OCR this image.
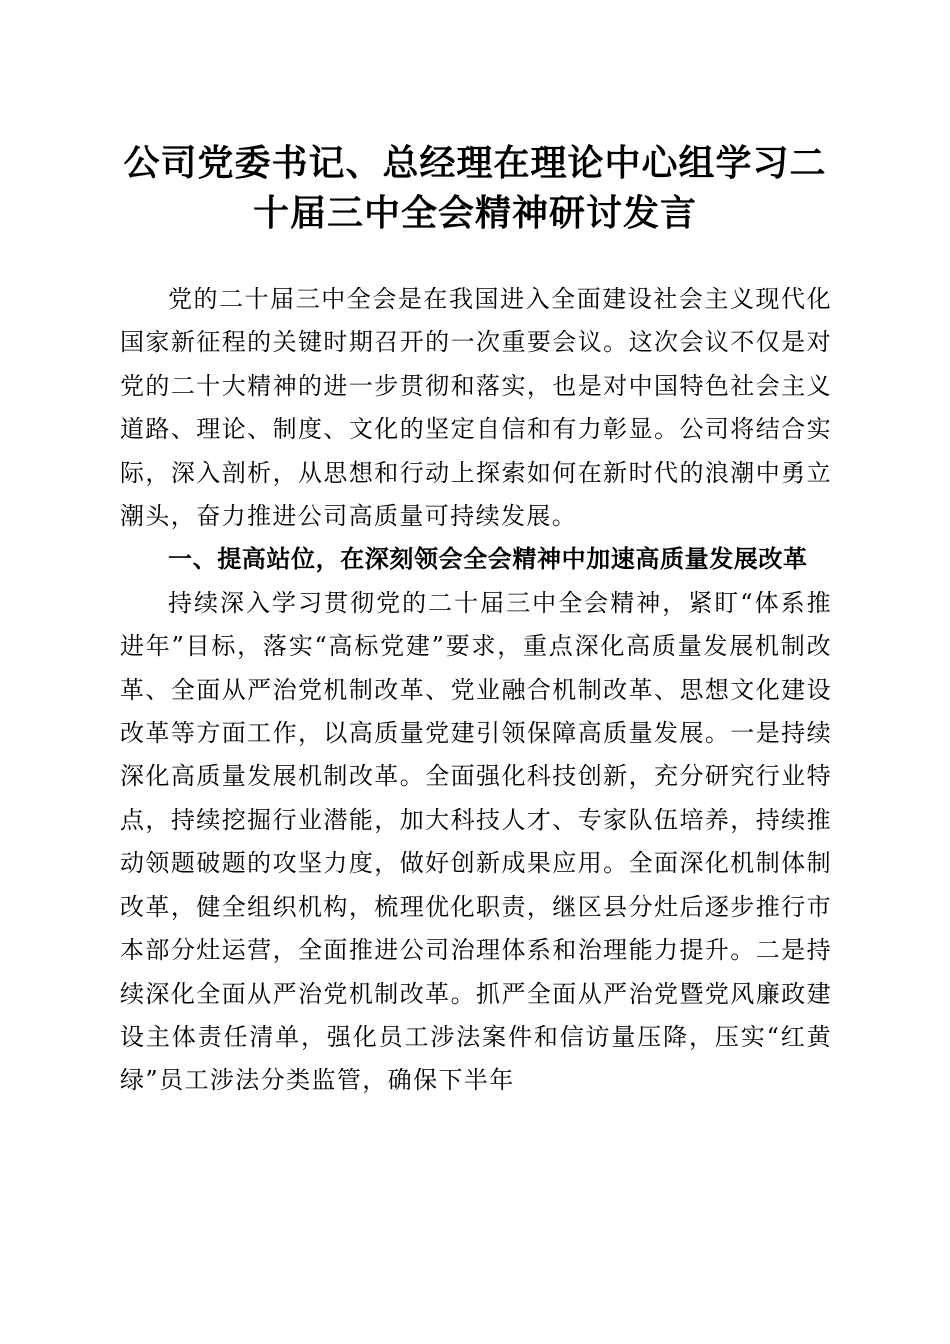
公司党委书记、总经理在理论中心组学习二十届三中全会精神研讨发言

党的二十届三中全会是在我国进入全面建设社会主义现代化国家新征程的关键时期召开的一次重要会议。这次会议不仅是对党的二十大精神的进一步贯彻和落实，也是对中国特色社会主义道路、理论、制度、文化的坚定自信和有力彰显。公司将结合实际，深入剖析，从思想和行动上探索如何在新时代的浪潮中勇立潮头，奋力推进公司高质量可持续发展。

一、提高站位，在深刻领会全会精神中加速高质量发展改革

持续深入学习贯彻党的二十届三中全会精神，紧盯“体系推进年”目标，落实“高标党建”要求，重点深化高质量发展机制改革、全面从严治党机制改革、党业融合机制改革、思想文化建设改革等方面工作，以高质量党建引领保障高质量发展。一是持续深化高质量发展机制改革。全面强化科技创新，充分研究行业特点，持续挖掘行业潜能，加大科技人才、专家队伍培养，持续推动领题破题的攻坚力度，做好创新成果应用。全面深化机制体制改革，健全组织机构，梳理优化职责，继区县分灶后逐步推行市本部分灶运营，全面推进公司治理体系和治理能力提升。二是持续深化全面从严治党机制改革。抓严全面从严治党暨党风廉政建设主体责任清单，强化员工涉法案件和信访量压降，压实“红黄绿”员工涉法分类监管，确保下半年
